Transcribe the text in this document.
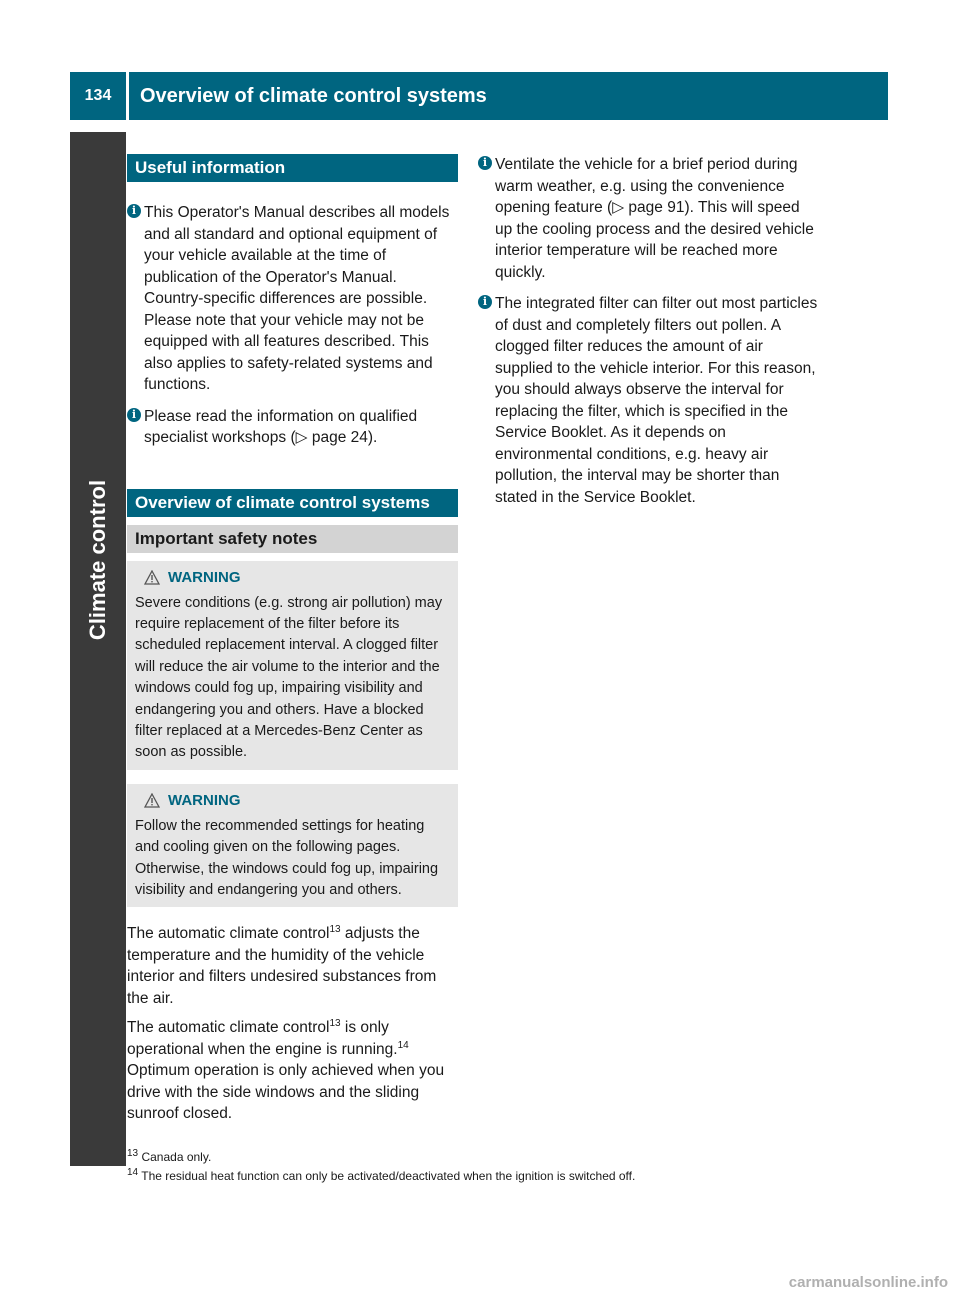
134	Overview of climate control systems
Climate control
Useful information
i This Operator's Manual describes all models and all standard and optional equipment of your vehicle available at the time of publication of the Operator's Manual. Country-specific differences are possible. Please note that your vehicle may not be equipped with all features described. This also applies to safety-related systems and functions.
i Please read the information on qualified specialist workshops (▷ page 24).
Overview of climate control systems
Important safety notes
WARNING
Severe conditions (e.g. strong air pollution) may require replacement of the filter before its scheduled replacement interval. A clogged filter will reduce the air volume to the interior and the windows could fog up, impairing visibility and endangering you and others. Have a blocked filter replaced at a Mercedes-Benz Center as soon as possible.
WARNING
Follow the recommended settings for heating and cooling given on the following pages. Otherwise, the windows could fog up, impairing visibility and endangering you and others.

The automatic climate control$^{13}$ adjusts the temperature and the humidity of the vehicle interior and filters undesired substances from the air.

The automatic climate control$^{13}$ is only operational when the engine is running.$^{14}$ Optimum operation is only achieved when you drive with the side windows and the sliding sunroof closed.

i Ventilate the vehicle for a brief period during warm weather, e.g. using the convenience opening feature (▷ page 91). This will speed up the cooling process and the desired vehicle interior temperature will be reached more quickly.
i The integrated filter can filter out most particles of dust and completely filters out pollen. A clogged filter reduces the amount of air supplied to the vehicle interior. For this reason, you should always observe the interval for replacing the filter, which is specified in the Service Booklet. As it depends on environmental conditions, e.g. heavy air pollution, the interval may be shorter than stated in the Service Booklet.
$^{13}$ Canada only.
$^{14}$ The residual heat function can only be activated/deactivated when the ignition is switched off.
carmanualsonline.info
